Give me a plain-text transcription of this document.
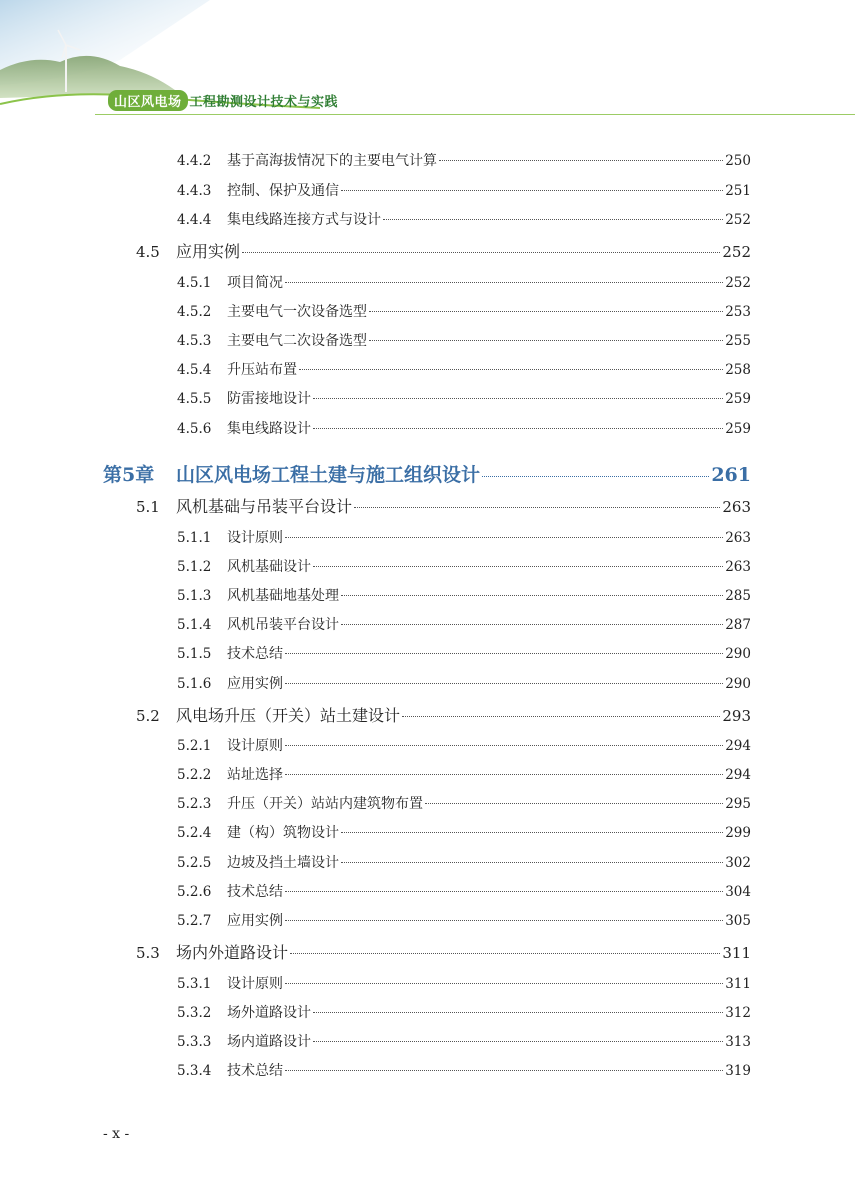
山区风电场 工程勘测设计技术与实践
4.4.2	基于高海拔情况下的主要电气计算	250
4.4.3	控制、保护及通信	251
4.4.4	集电线路连接方式与设计	252
4.5	应用实例	252
4.5.1	项目简况	252
4.5.2	主要电气一次设备选型	253
4.5.3	主要电气二次设备选型	255
4.5.4	升压站布置	258
4.5.5	防雷接地设计	259
4.5.6	集电线路设计	259
第5章	山区风电场工程土建与施工组织设计	261
5.1	风机基础与吊装平台设计	263
5.1.1	设计原则	263
5.1.2	风机基础设计	263
5.1.3	风机基础地基处理	285
5.1.4	风机吊装平台设计	287
5.1.5	技术总结	290
5.1.6	应用实例	290
5.2	风电场升压（开关）站土建设计	293
5.2.1	设计原则	294
5.2.2	站址选择	294
5.2.3	升压（开关）站站内建筑物布置	295
5.2.4	建（构）筑物设计	299
5.2.5	边坡及挡土墙设计	302
5.2.6	技术总结	304
5.2.7	应用实例	305
5.3	场内外道路设计	311
5.3.1	设计原则	311
5.3.2	场外道路设计	312
5.3.3	场内道路设计	313
5.3.4	技术总结	319
- x -
